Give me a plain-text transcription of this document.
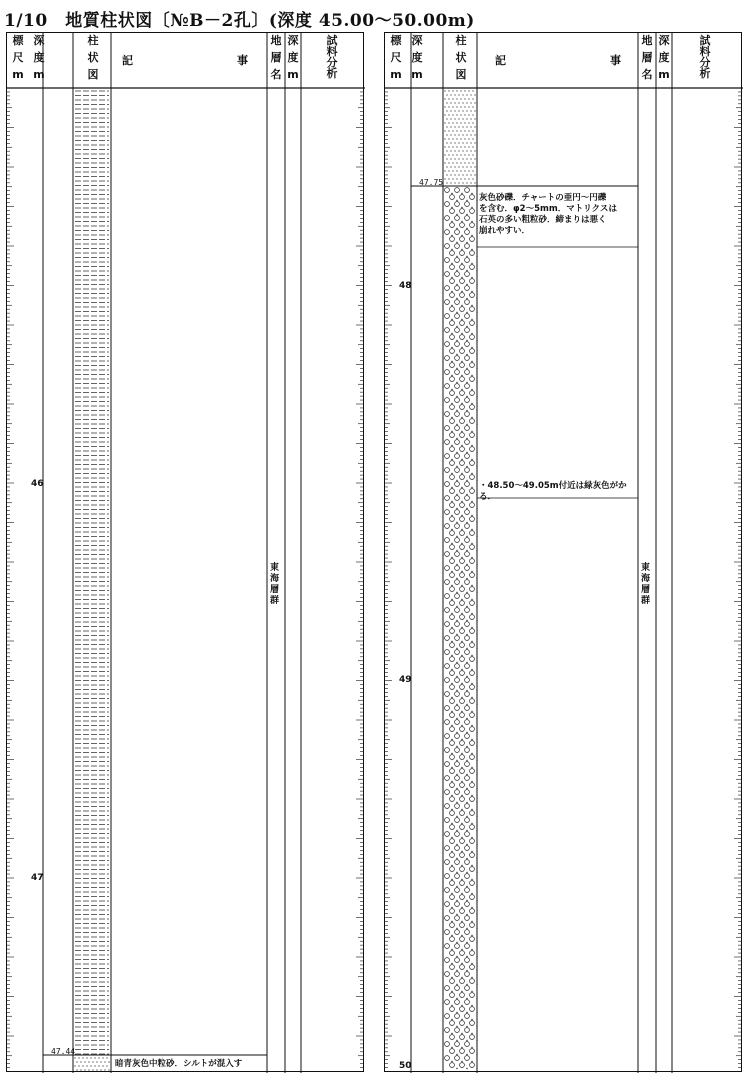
1/10　地質柱状図〔№B－2孔〕(深度 45.00〜50.00m)
標
尺
m
深
度
m
柱
状
図
記	事
地
層
名
深
度
m
試
料
分
析
46
47
47.44
東海層群
暗青灰色中粒砂．シルトが混入す
標
尺
m
深
度
m
柱
状
図
記	事
地
層
名
深
度
m
試
料
分
析
48
49
50
47.75
灰色砂礫．チャートの亜円～円礫
を含む．φ2～5mm．マトリクスは
石英の多い粗粒砂．締まりは悪く
崩れやすい．
・48.50～49.05m付近は緑灰色がか
る．
東海層群
